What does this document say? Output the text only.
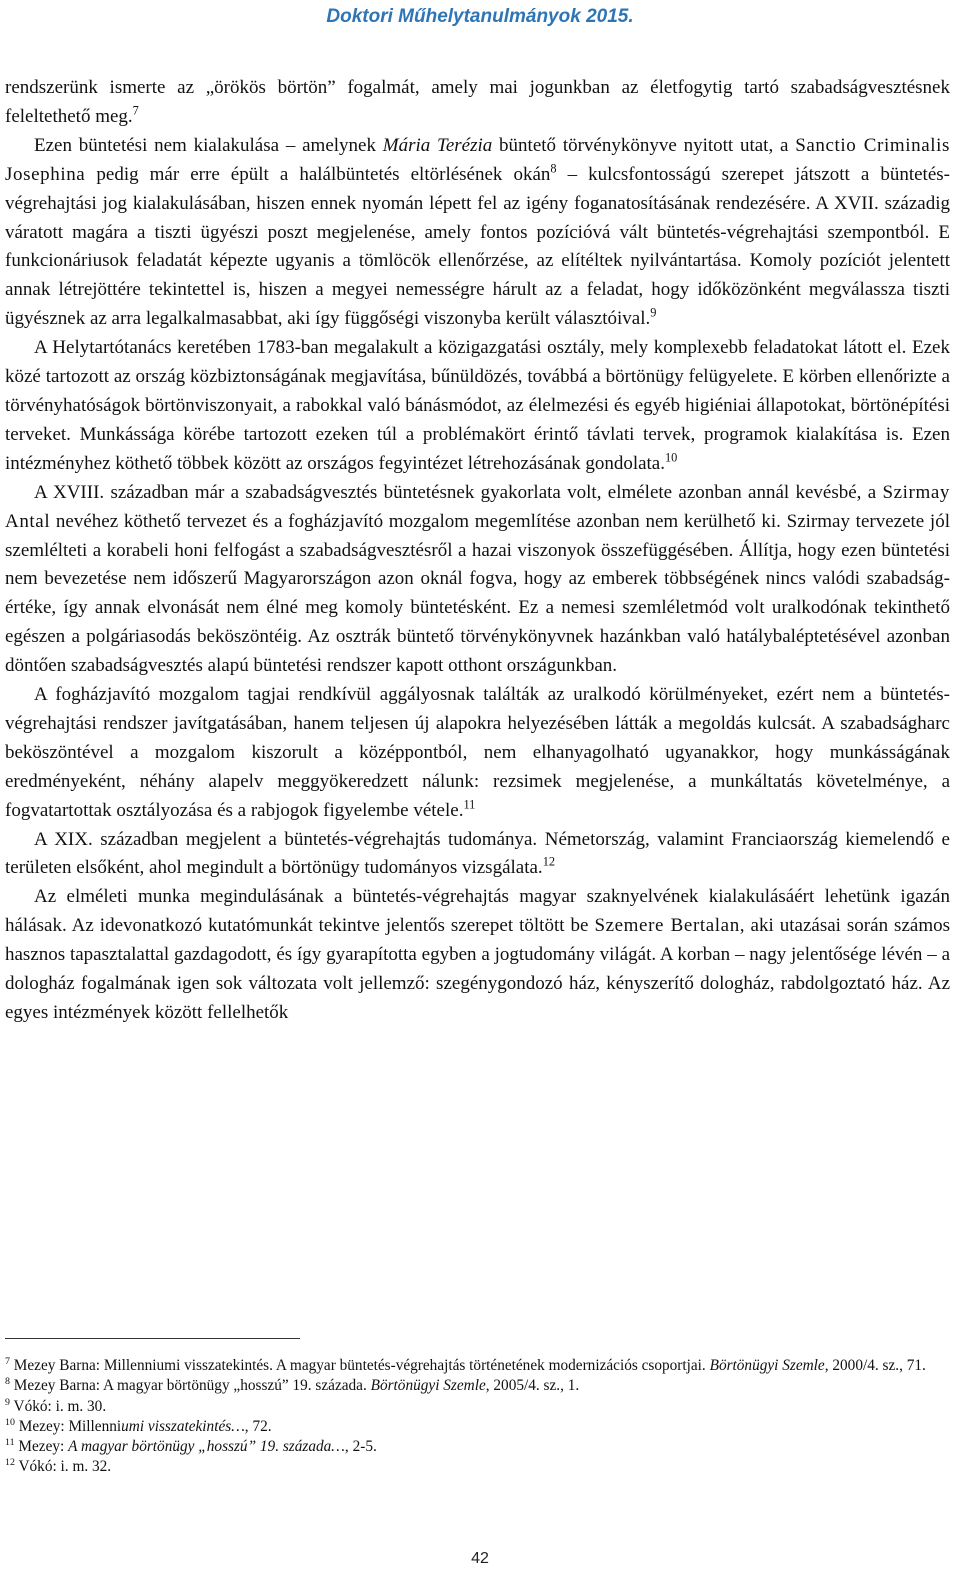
Doktori Műhelytanulmányok 2015.

rendszerünk ismerte az „örökös börtön” fogalmát, amely mai jogunkban az életfogytig tartó szabadságvesztésnek feleltethető meg.$^7$

Ezen büntetési nem kialakulása – amelynek Mária Terézia büntető törvénykönyve nyitott utat, a Sanctio Criminalis Josephina pedig már erre épült a halálbüntetés eltörlésének okán$^8$ – kulcsfontosságú szerepet játszott a büntetés-végrehajtási jog kialakulásában, hiszen ennek nyomán lépett fel az igény foganatosításának rendezésére. A XVII. századig váratott magára a tiszti ügyészi poszt megjelenése, amely fontos pozícióvá vált büntetés-végrehajtási szempontból. E funkcionáriusok feladatát képezte ugyanis a tömlöcök ellenőrzése, az elítéltek nyilvántartása. Komoly pozíciót jelentett annak létrejöttére tekintettel is, hiszen a megyei nemességre hárult az a feladat, hogy időközönként megválassza tiszti ügyésznek az arra legalkalmasabbat, aki így függőségi viszonyba került választóival.$^9$

A Helytartótanács keretében 1783-ban megalakult a közigazgatási osztály, mely komplexebb feladatokat látott el. Ezek közé tartozott az ország közbiztonságának megjavítása, bűnüldözés, továbbá a börtönügy felügyelete. E körben ellenőrizte a törvényhatóságok börtönviszonyait, a rabokkal való bánásmódot, az élelmezési és egyéb higiéniai állapotokat, börtönépítési terveket. Munkássága körébe tartozott ezeken túl a problémakört érintő távlati tervek, programok kialakítása is. Ezen intézményhez köthető többek között az országos fegyintézet létrehozásának gondolata.$^{10}$

A XVIII. században már a szabadságvesztés büntetésnek gyakorlata volt, elmélete azonban annál kevésbé, a Szirmay Antal nevéhez köthető tervezet és a fogházjavító mozgalom megemlítése azonban nem kerülhető ki. Szirmay tervezete jól szemlélteti a korabeli honi felfogást a szabadságvesztésről a hazai viszonyok összefüggésében. Állítja, hogy ezen büntetési nem bevezetése nem időszerű Magyarországon azon oknál fogva, hogy az emberek többségének nincs valódi szabadság-értéke, így annak elvonását nem élné meg komoly büntetésként. Ez a nemesi szemléletmód volt uralkodónak tekinthető egészen a polgáriasodás beköszöntéig. Az osztrák büntető törvénykönyvnek hazánkban való hatálybaléptetésével azonban döntően szabadságvesztés alapú büntetési rendszer kapott otthont országunkban.

A fogházjavító mozgalom tagjai rendkívül aggályosnak találták az uralkodó körülményeket, ezért nem a büntetés-végrehajtási rendszer javítgatásában, hanem teljesen új alapokra helyezésében látták a megoldás kulcsát. A szabadságharc beköszöntével a mozgalom kiszorult a középpontból, nem elhanyagolható ugyanakkor, hogy munkásságának eredményeként, néhány alapelv meggyökeredzett nálunk: rezsimek megjelenése, a munkáltatás követelménye, a fogvatartottak osztályozása és a rabjogok figyelembe vétele.$^{11}$

A XIX. században megjelent a büntetés-végrehajtás tudománya. Németország, valamint Franciaország kiemelendő e területen elsőként, ahol megindult a börtönügy tudományos vizsgálata.$^{12}$

Az elméleti munka megindulásának a büntetés-végrehajtás magyar szaknyelvének kialakulásáért lehetünk igazán hálásak. Az idevonatkozó kutatómunkát tekintve jelentős szerepet töltött be Szemere Bertalan, aki utazásai során számos hasznos tapasztalattal gazdagodott, és így gyarapította egyben a jogtudomány világát. A korban – nagy jelentősége lévén – a dologház fogalmának igen sok változata volt jellemző: szegénygondozó ház, kényszerítő dologház, rabdolgoztató ház. Az egyes intézmények között fellelhetők

$^7$ Mezey Barna: Millenniumi visszatekintés. A magyar büntetés-végrehajtás történetének modernizációs csoportjai. Börtönügyi Szemle, 2000/4. sz., 71.

$^8$ Mezey Barna: A magyar börtönügy „hosszú” 19. százada. Börtönügyi Szemle, 2005/4. sz., 1.

$^9$ Vókó: i. m. 30.

$^{10}$ Mezey: Millenniumi visszatekintés…, 72.

$^{11}$ Mezey: A magyar börtönügy „hosszú” 19. százada…, 2-5.

$^{12}$ Vókó: i. m. 32.

42
